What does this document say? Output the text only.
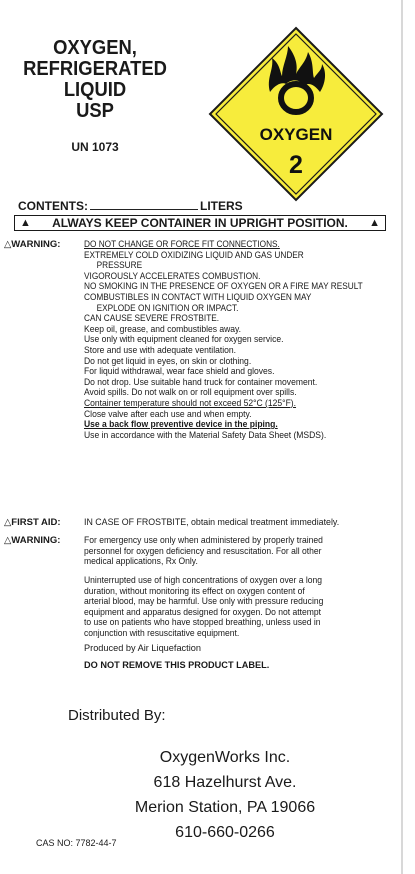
OXYGEN,
REFRIGERATED
LIQUID
USP
UN 1073
OXYGEN
2
CONTENTS:	LITERS
▲ ALWAYS KEEP CONTAINER IN UPRIGHT POSITION. ▲
△WARNING:	DO NOT CHANGE OR FORCE FIT CONNECTIONS.
EXTREMELY COLD OXIDIZING LIQUID AND GAS UNDER
PRESSURE
VIGOROUSLY ACCELERATES COMBUSTION.
NO SMOKING IN THE PRESENCE OF OXYGEN OR A FIRE MAY RESULT
COMBUSTIBLES IN CONTACT WITH LIQUID OXYGEN MAY
EXPLODE ON IGNITION OR IMPACT.
CAN CAUSE SEVERE FROSTBITE.
Keep oil, grease, and combustibles away.
Use only with equipment cleaned for oxygen service.
Store and use with adequate ventilation.
Do not get liquid in eyes, on skin or clothing.
For liquid withdrawal, wear face shield and gloves.
Do not drop. Use suitable hand truck for container movement.
Avoid spills. Do not walk on or roll equipment over spills.
Container temperature should not exceed 52°C (125°F).
Close valve after each use and when empty.
Use a back flow preventive device in the piping.
Use in accordance with the Material Safety Data Sheet (MSDS).
△FIRST AID: IN CASE OF FROSTBITE, obtain medical treatment immediately.
△WARNING:	For emergency use only when administered by properly trained
personnel for oxygen deficiency and resuscitation. For all other
medical applications, Rx Only.
Uninterrupted use of high concentrations of oxygen over a long
duration, without monitoring its effect on oxygen content of
arterial blood, may be harmful. Use only with pressure reducing
equipment and apparatus designed for oxygen. Do not attempt
to use on patients who have stopped breathing, unless used in
conjunction with resuscitative equipment.
Produced by Air Liquefaction
DO NOT REMOVE THIS PRODUCT LABEL.
Distributed By:
OxygenWorks Inc.
618 Hazelhurst Ave.
Merion Station, PA 19066
610-660-0266
CAS NO: 7782-44-7
